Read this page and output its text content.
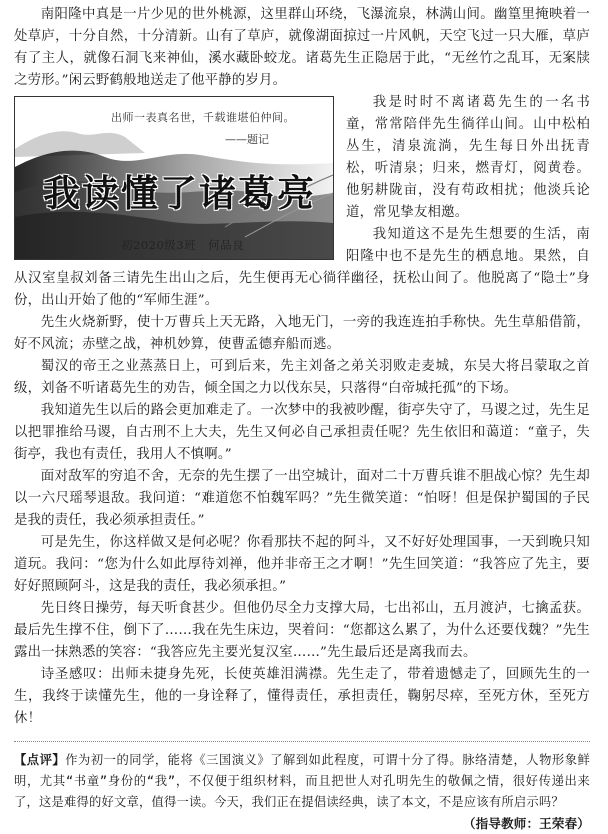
南阳隆中真是一片少见的世外桃源，这里群山环绕，飞瀑流泉，林满山间。幽篁里掩映着一处草庐，十分自然，十分清新。山有了草庐，就像湖面掠过一片风帆，天空飞过一只大雁，草庐有了主人，就像石洞飞来神仙，溪水藏卧蛟龙。诸葛先生正隐居于此，“无丝竹之乱耳，无案牍之劳形。”闲云野鹤般地送走了他平静的岁月。

出师一表真名世，千载谁堪伯仲间。
——题记
我读懂了诸葛亮
初2020级3班　何品良

我是时时不离诸葛先生的一名书童，常常陪伴先生徜徉山间。山中松柏丛生，清泉流淌，先生每日外出抚青松，听清泉；归来，燃青灯，阅黄卷。他躬耕陇亩，没有苟政相扰；他淡兵论道，常见挚友相邀。

我知道这不是先生想要的生活，南阳隆中也不是先生的栖息地。果然，自从汉室皇叔刘备三请先生出山之后，先生便再无心徜徉幽径，抚松山间了。他脱离了“隐士”身份，出山开始了他的“军师生涯”。

先生火烧新野，使十万曹兵上天无路，入地无门，一旁的我连连拍手称快。先生草船借箭，好不风流；赤壁之战，神机妙算，使曹孟德弃船而逃。

蜀汉的帝王之业蒸蒸日上，可到后来，先主刘备之弟关羽败走麦城，东吴大将吕蒙取之首级，刘备不听诸葛先生的劝告，倾全国之力以伐东吴，只落得“白帝城托孤”的下场。

我知道先生以后的路会更加难走了。一次梦中的我被吵醒，街亭失守了，马谡之过，先生足以把罪推给马谡，自古刑不上大夫，先生又何必自己承担责任呢？先生依旧和蔼道：“童子，失街亭，我也有责任，我用人不慎啊。”

面对敌军的穷追不舍，无奈的先生摆了一出空城计，面对二十万曹兵谁不胆战心惊？先生却以一六尺瑶琴退敌。我问道：“难道您不怕魏军吗？”先生微笑道：“怕呀！但是保护蜀国的子民是我的责任，我必须承担责任。”

可是先生，你这样做又是何必呢？你看那扶不起的阿斗，又不好好处理国事，一天到晚只知道玩。我问：“您为什么如此厚待刘禅，他并非帝王之才啊！”先生回笑道：“我答应了先主，要好好照顾阿斗，这是我的责任，我必须承担。”

先日终日操劳，每天听食甚少。但他仍尽全力支撑大局，七出祁山，五月渡泸，七擒孟获。最后先生撑不住，倒下了……我在先生床边，哭着问：“您都这么累了，为什么还要伐魏？”先生露出一抹熟悉的笑容：“我答应先主要光复汉室……”先生最后还是离我而去。

诗圣感叹：出师未捷身先死，长使英雄泪满襟。先生走了，带着遗憾走了，回顾先生的一生，我终于读懂先生，他的一身诠释了，懂得责任，承担责任，鞠躬尽瘁，至死方休，至死方休！

【点评】作为初一的同学，能将《三国演义》了解到如此程度，可谓十分了得。脉络清楚，人物形象鲜明，尤其“书童”身份的“我”，不仅便于组织材料，而且把世人对孔明先生的敬佩之情，很好传递出来了，这是难得的好文章，值得一读。今天，我们正在提倡读经典，读了本文，不是应该有所启示吗？
（指导教师：王荣春）
